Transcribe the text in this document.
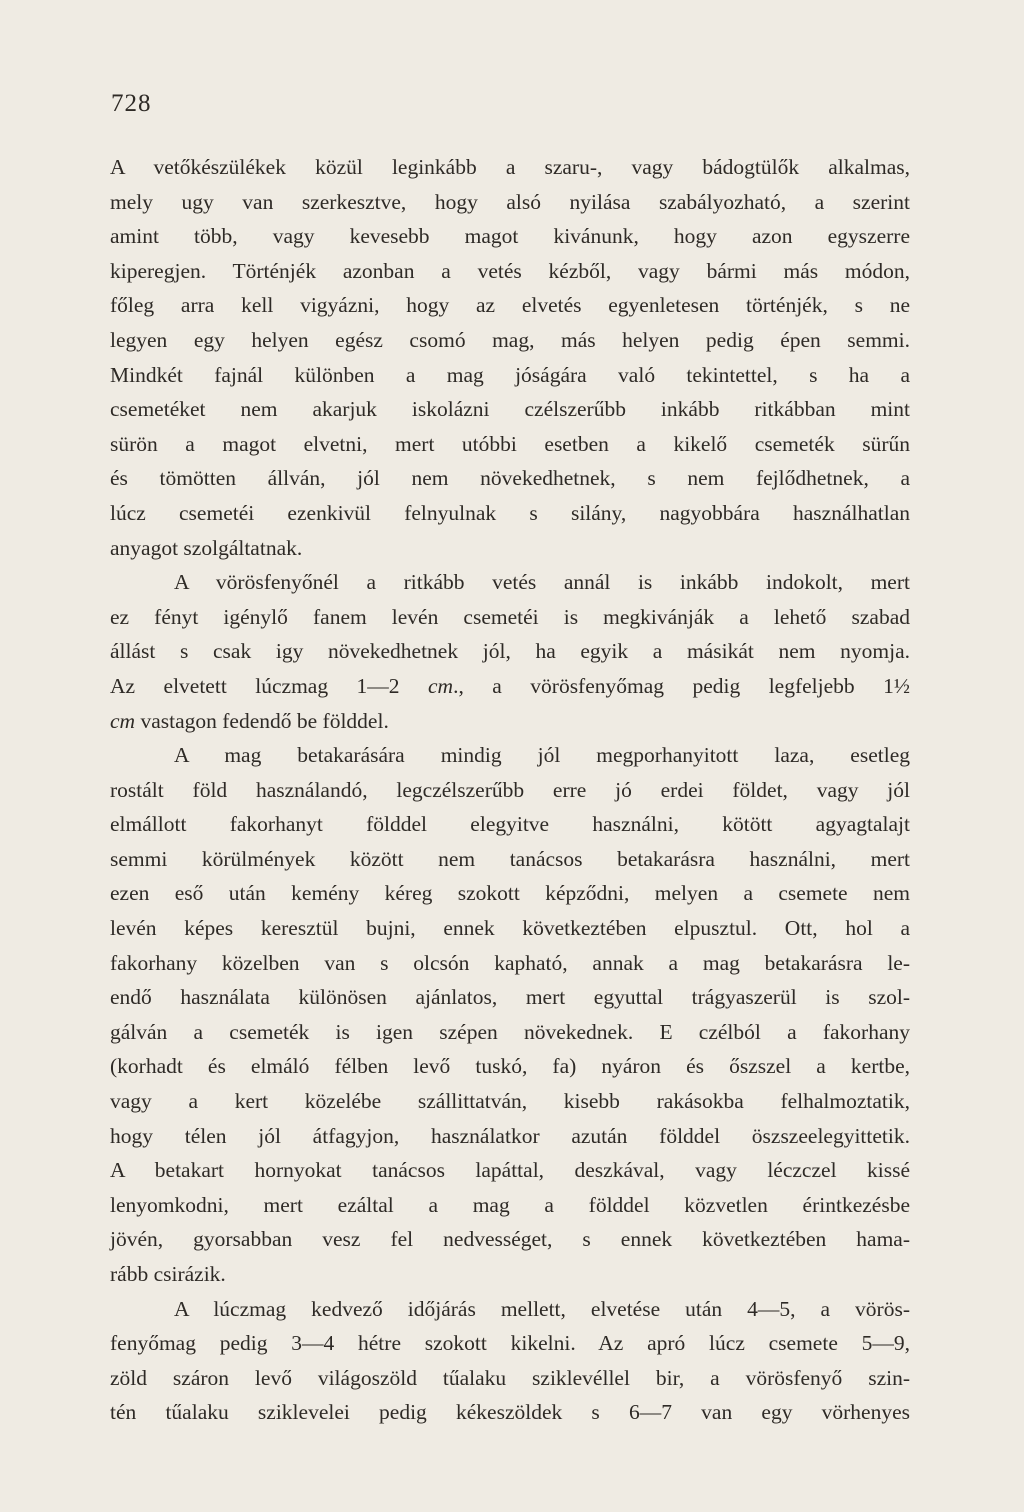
728
A vetőkészülékek közül leginkább a szaru-, vagy bádogtülők alkalmas,
mely ugy van szerkesztve, hogy alsó nyilása szabályozható, a szerint
amint több, vagy kevesebb magot kivánunk, hogy azon egyszerre
kiperegjen. Történjék azonban a vetés kézből, vagy bármi más módon,
főleg arra kell vigyázni, hogy az elvetés egyenletesen történjék, s ne
legyen egy helyen egész csomó mag, más helyen pedig épen semmi.
Mindkét fajnál különben a mag jóságára való tekintettel, s ha a
csemetéket nem akarjuk iskolázni czélszerűbb inkább ritkábban mint
sürön a magot elvetni, mert utóbbi esetben a kikelő csemeték sürűn
és tömötten állván, jól nem növekedhetnek, s nem fejlődhetnek, a
lúcz csemetéi ezenkivül felnyulnak s silány, nagyobbára használhatlan
anyagot szolgáltatnak.
A vörösfenyőnél a ritkább vetés annál is inkább indokolt, mert
ez fényt igénylő fanem levén csemetéi is megkivánják a lehető szabad
állást s csak igy növekedhetnek jól, ha egyik a másikát nem nyomja.
Az elvetett lúczmag 1—2 cm., a vörösfenyőmag pedig legfeljebb 1½
cm vastagon fedendő be földdel.
A mag betakarására mindig jól megporhanyitott laza, esetleg
rostált föld használandó, legczélszerűbb erre jó erdei földet, vagy jól
elmállott fakorhanyt földdel elegyitve használni, kötött agyagtalajt
semmi körülmények között nem tanácsos betakarásra használni, mert
ezen eső után kemény kéreg szokott képződni, melyen a csemete nem
levén képes keresztül bujni, ennek következtében elpusztul. Ott, hol a
fakorhany közelben van s olcsón kapható, annak a mag betakarásra le-
endő használata különösen ajánlatos, mert egyuttal trágyaszerül is szol-
gálván a csemeték is igen szépen növekednek. E czélból a fakorhany
(korhadt és elmáló félben levő tuskó, fa) nyáron és őszszel a kertbe,
vagy a kert közelébe szállittatván, kisebb rakásokba felhalmoztatik,
hogy télen jól átfagyjon, használatkor azután földdel öszszeelegyittetik.
A betakart hornyokat tanácsos lapáttal, deszkával, vagy léczczel kissé
lenyomkodni, mert ezáltal a mag a földdel közvetlen érintkezésbe
jövén, gyorsabban vesz fel nedvességet, s ennek következtében hama-
rább csirázik.
A lúczmag kedvező időjárás mellett, elvetése után 4—5, a vörös-
fenyőmag pedig 3—4 hétre szokott kikelni. Az apró lúcz csemete 5—9,
zöld száron levő világoszöld tűalaku sziklevéllel bir, a vörösfenyő szin-
tén tűalaku sziklevelei pedig kékeszöldek s 6—7 van egy vörhenyes
